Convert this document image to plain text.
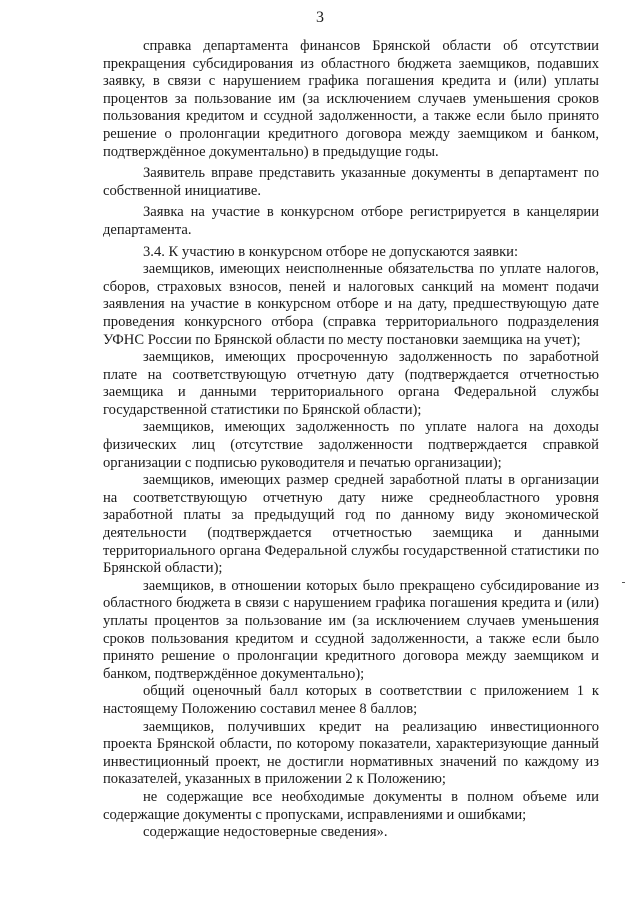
3

справка департамента финансов Брянской области об отсутствии прекращения субсидирования из областного бюджета заемщиков, подавших заявку, в связи с нарушением графика погашения кредита и (или) уплаты процентов за пользование им (за исключением случаев уменьшения сроков пользования кредитом и ссудной задолженности, а также если было принято решение о пролонгации кредитного договора между заемщиком и банком, подтверждённое документально) в предыдущие годы.

Заявитель вправе представить указанные документы в департамент по собственной инициативе.

Заявка на участие в конкурсном отборе регистрируется в канцелярии департамента.

3.4. К участию в конкурсном отборе не допускаются заявки:

заемщиков, имеющих неисполненные обязательства по уплате налогов, сборов, страховых взносов, пеней и налоговых санкций на момент подачи заявления на участие в конкурсном отборе и на дату, предшествующую дате проведения конкурсного отбора (справка территориального подразделения УФНС России по Брянской области по месту постановки заемщика на учет);

заемщиков, имеющих просроченную задолженность по заработной плате на соответствующую отчетную дату (подтверждается отчетностью заемщика и данными территориального органа Федеральной службы государственной статистики по Брянской области);

заемщиков, имеющих задолженность по уплате налога на доходы физических лиц (отсутствие задолженности подтверждается справкой организации с подписью руководителя и печатью организации);

заемщиков, имеющих размер средней заработной платы в организации на соответствующую отчетную дату ниже среднеобластного уровня заработной платы за предыдущий год по данному виду экономической деятельности (подтверждается отчетностью заемщика и данными территориального органа Федеральной службы государственной статистики по Брянской области);

заемщиков, в отношении которых было прекращено субсидирование из областного бюджета в связи с нарушением графика погашения кредита и (или) уплаты процентов за пользование им (за исключением случаев уменьшения сроков пользования кредитом и ссудной задолженности, а также если было принято решение о пролонгации кредитного договора между заемщиком и банком, подтверждённое документально);

общий оценочный балл которых в соответствии с приложением 1 к настоящему Положению составил менее 8 баллов;

заемщиков, получивших кредит на реализацию инвестиционного проекта Брянской области, по которому показатели, характеризующие данный инвестиционный проект, не достигли нормативных значений по каждому из показателей, указанных в приложении 2 к Положению;

не содержащие все необходимые документы в полном объеме или содержащие документы с пропусками, исправлениями и ошибками;

содержащие недостоверные сведения».
